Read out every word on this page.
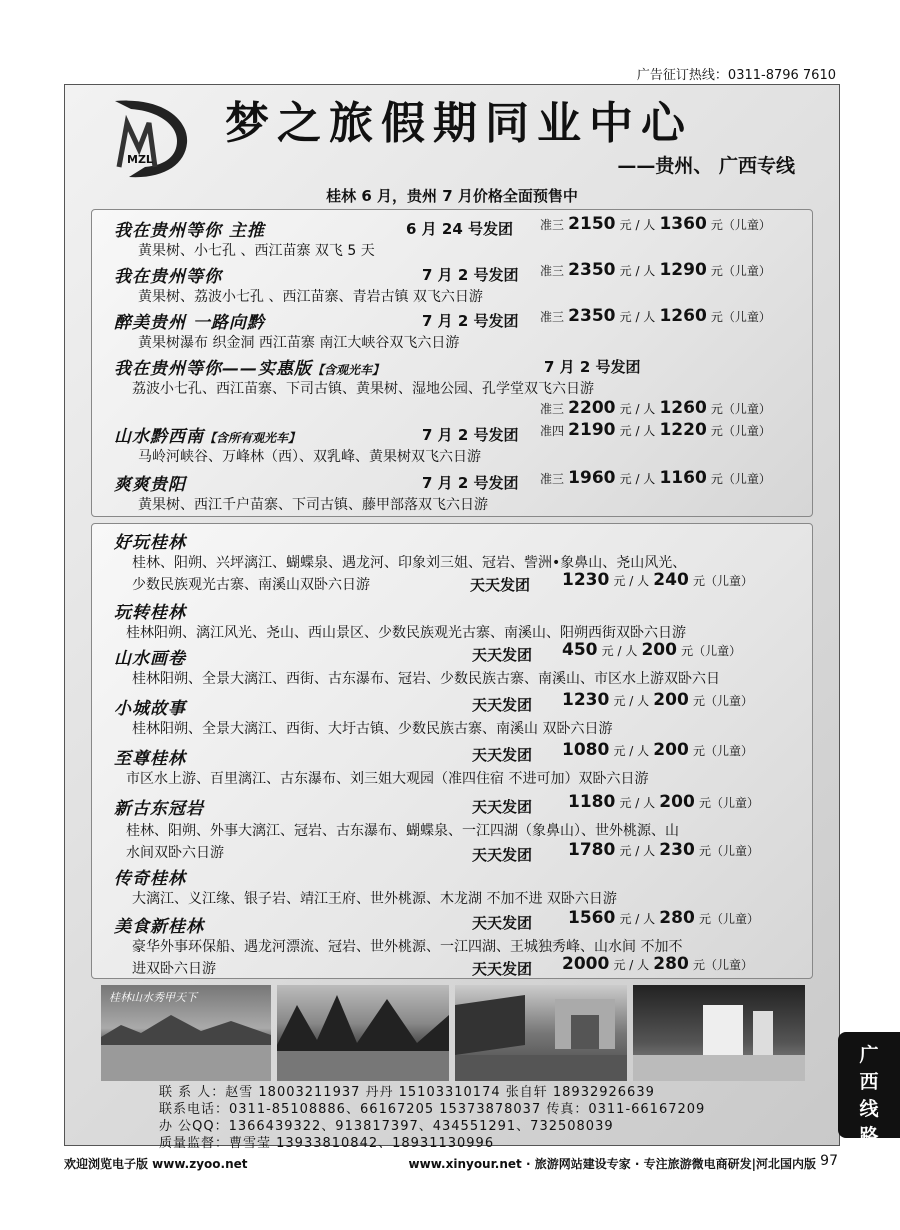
广告征订热线：0311-8796 7610
MZL
梦之旅假期同业中心
——贵州、 广西专线
桂林 6 月，贵州 7 月价格全面预售中
我在贵州等你 主推	6 月 24 号发团 准三 2150 元 / 人 1360 元（儿童）
黄果树、小七孔 、西江苗寨 双飞 5 天
我在贵州等你	7 月 2 号发团 准三 2350 元 / 人 1290 元（儿童）
黄果树、荔波小七孔 、西江苗寨、青岩古镇 双飞六日游
醉美贵州 一路向黔	7 月 2 号发团 准三 2350 元 / 人 1260 元（儿童）
黄果树瀑布 织金洞 西江苗寨 南江大峡谷双飞六日游
我在贵州等你——实惠版【含观光车】	7 月 2 号发团
荔波小七孔、西江苗寨、下司古镇、黄果树、湿地公园、孔学堂双飞六日游
准三 2200 元 / 人 1260 元（儿童）
山水黔西南【含所有观光车】	7 月 2 号发团 准四 2190 元 / 人 1220 元（儿童）
马岭河峡谷、万峰林（西）、双乳峰、黄果树双飞六日游
爽爽贵阳	7 月 2 号发团 准三 1960 元 / 人 1160 元（儿童）
黄果树、西江千户苗寨、下司古镇、藤甲部落双飞六日游
好玩桂林
桂林、阳朔、兴坪漓江、蝴蝶泉、遇龙河、印象刘三姐、冠岩、訾洲•象鼻山、尧山风光、
少数民族观光古寨、南溪山双卧六日游	天天发团 1230 元 / 人 240 元（儿童）
玩转桂林
桂林阳朔、漓江风光、尧山、西山景区、少数民族观光古寨、南溪山、阳朔西街双卧六日游
天天发团 450 元 / 人 200 元（儿童）
山水画卷
桂林阳朔、全景大漓江、西街、古东瀑布、冠岩、少数民族古寨、南溪山、市区水上游双卧六日
天天发团 1230 元 / 人 200 元（儿童）
小城故事
桂林阳朔、全景大漓江、西街、大圩古镇、少数民族古寨、南溪山 双卧六日游
天天发团 1080 元 / 人 200 元（儿童）
至尊桂林
市区水上游、百里漓江、古东瀑布、刘三姐大观园（准四住宿 不进可加）双卧六日游
天天发团 1180 元 / 人 200 元（儿童）
新古东冠岩
桂林、阳朔、外事大漓江、冠岩、古东瀑布、蝴蝶泉、一江四湖（象鼻山）、世外桃源、山
水间双卧六日游	天天发团 1780 元 / 人 230 元（儿童）
传奇桂林
大漓江、义江缘、银子岩、靖江王府、世外桃源、木龙湖 不加不进 双卧六日游
天天发团 1560 元 / 人 280 元（儿童）
美食新桂林
豪华外事环保船、遇龙河漂流、冠岩、世外桃源、一江四湖、王城独秀峰、山水间 不加不
进双卧六日游	天天发团 2000 元 / 人 280 元（儿童）
桂林山水秀甲天下
联 系 人：赵雪 18003211937 丹丹 15103310174 张自轩 18932926639
联系电话：0311-85108886、66167205 15373878037 传真：0311-66167209
办 公QQ：1366439322、913817397、434551291、732508039
质量监督：曹雪莹 13933810842、18931130996
广
西
线
路
欢迎浏览电子版 www.zyoo.net	www.xinyour.net · 旅游网站建设专家 · 专注旅游微电商研发|河北国内版 97
